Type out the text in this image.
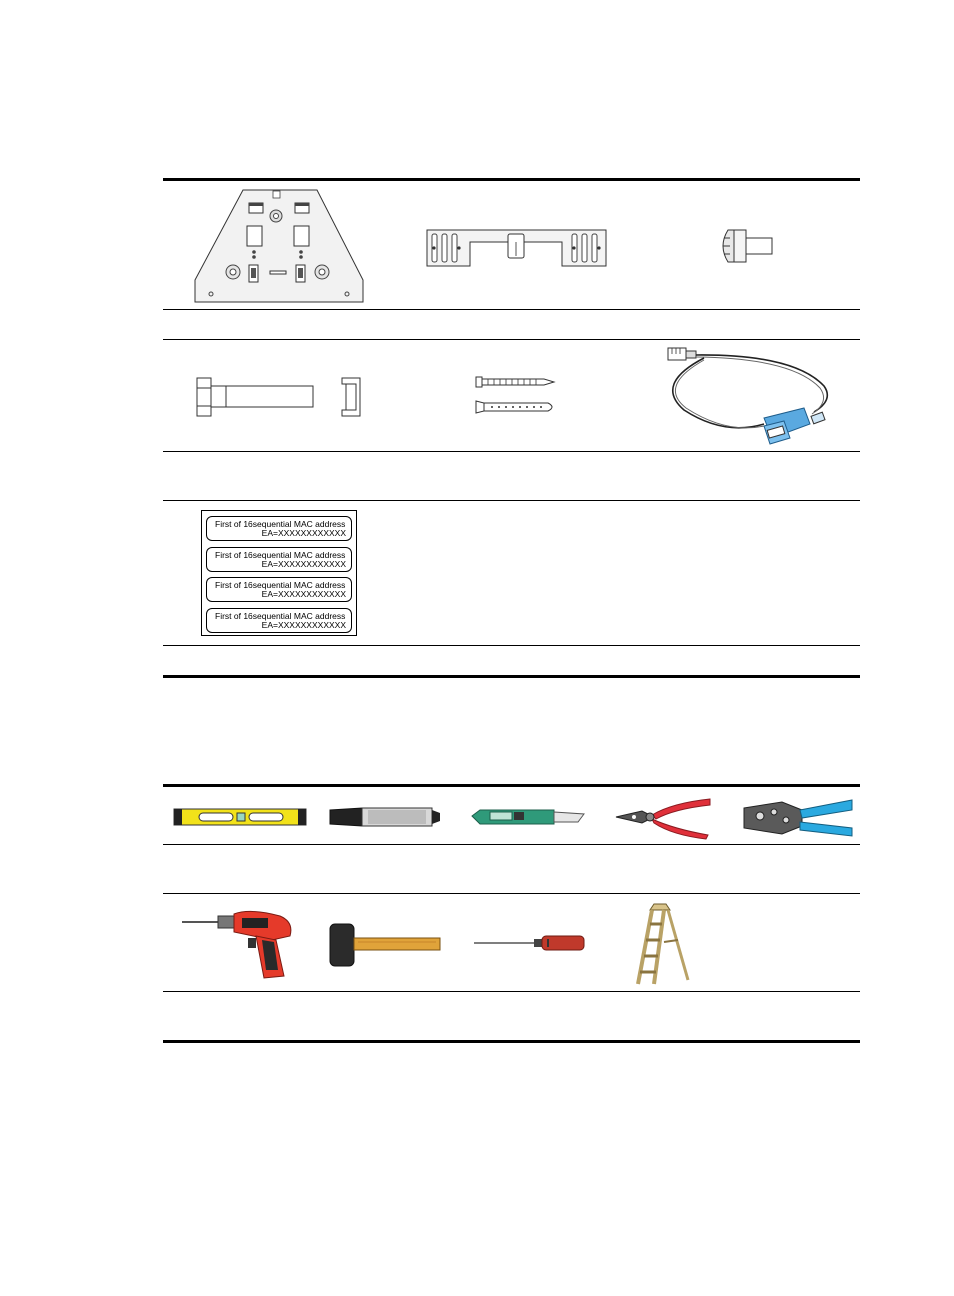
First of 16sequential MAC address
EA=XXXXXXXXXXXX
First of 16sequential MAC address
EA=XXXXXXXXXXXX
First of 16sequential MAC address
EA=XXXXXXXXXXXX
First of 16sequential MAC address
EA=XXXXXXXXXXXX
